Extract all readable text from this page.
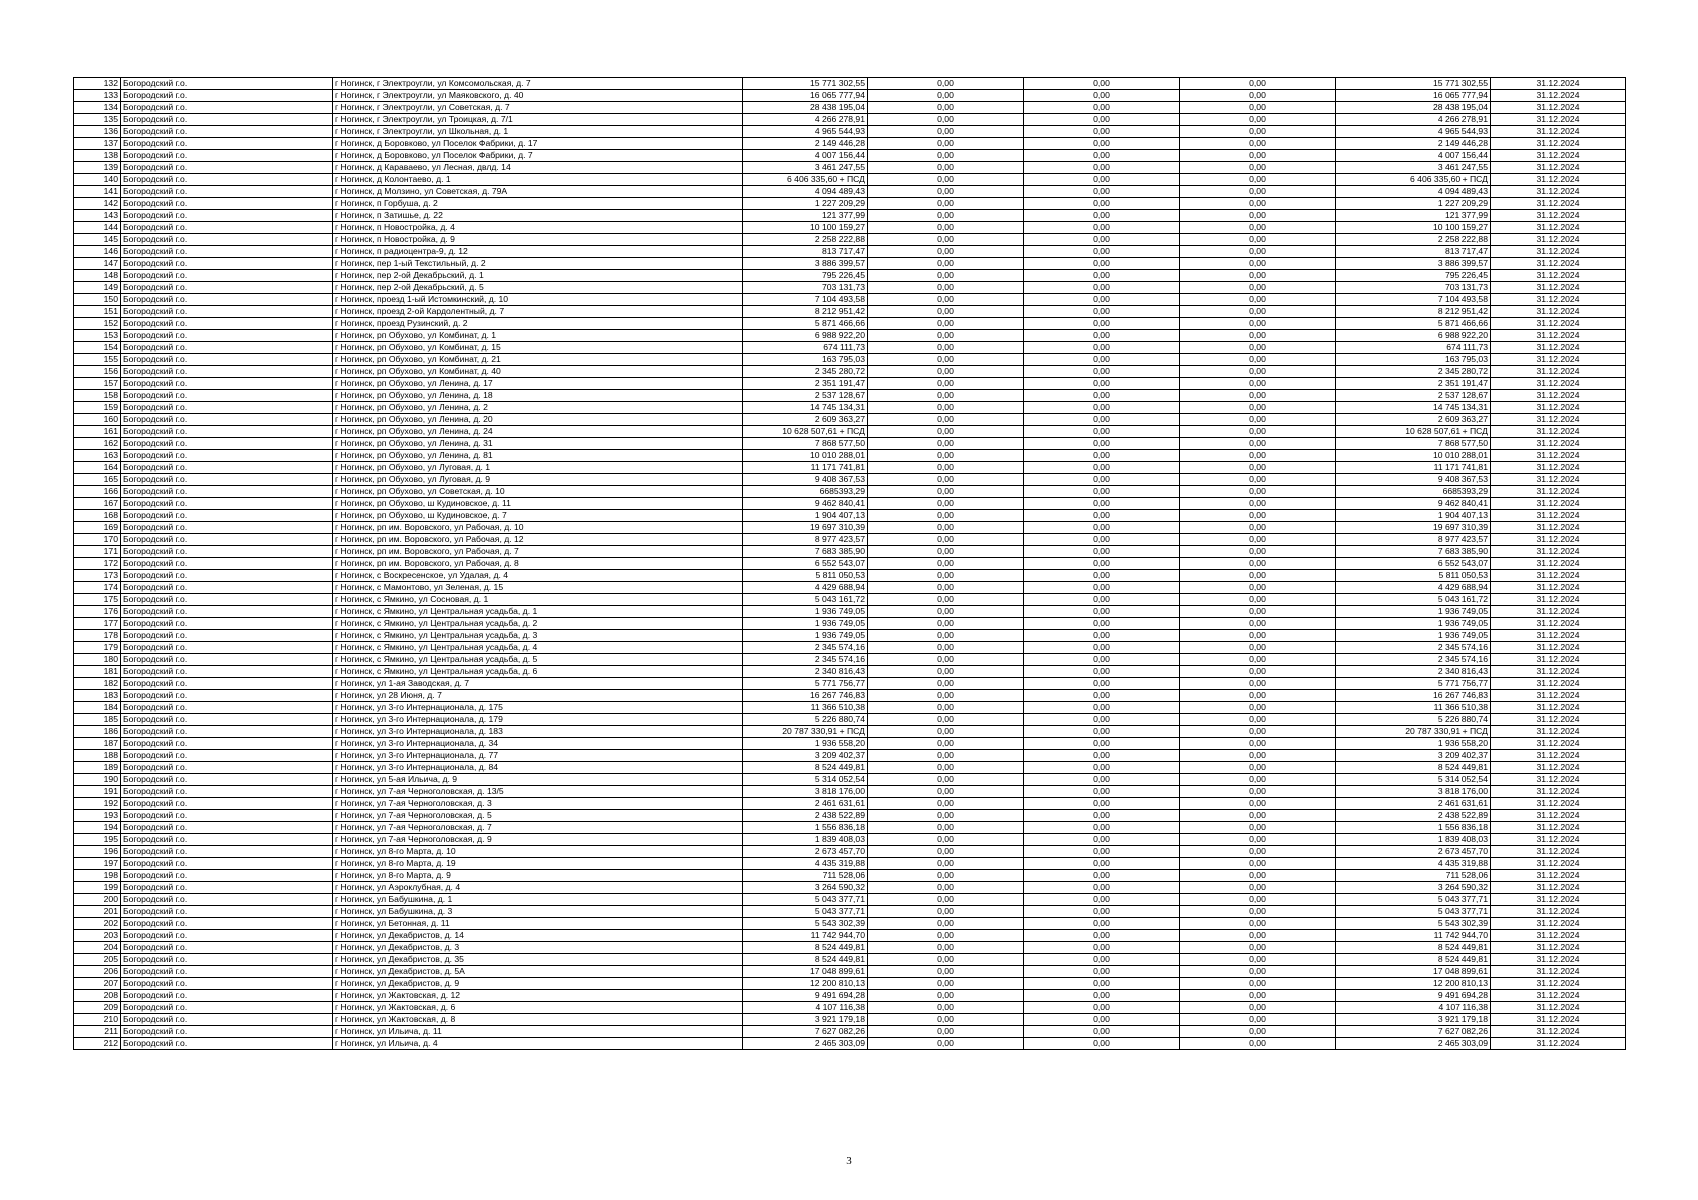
132	Богородский г.о.	г Ногинск, г Электроугли, ул Комсомольская, д. 7	15 771 302,55	0,00	0,00	0,00	15 771 302,55	31.12.2024
133	Богородский г.о.	г Ногинск, г Электроугли, ул Маяковского, д. 40	16 065 777,94	0,00	0,00	0,00	16 065 777,94	31.12.2024
134	Богородский г.о.	г Ногинск, г Электроугли, ул Советская, д. 7	28 438 195,04	0,00	0,00	0,00	28 438 195,04	31.12.2024
135	Богородский г.о.	г Ногинск, г Электроугли, ул Троицкая, д. 7/1	4 266 278,91	0,00	0,00	0,00	4 266 278,91	31.12.2024
136	Богородский г.о.	г Ногинск, г Электроугли, ул Школьная, д. 1	4 965 544,93	0,00	0,00	0,00	4 965 544,93	31.12.2024
137	Богородский г.о.	г Ногинск, д Боровково, ул Поселок Фабрики, д. 17	2 149 446,28	0,00	0,00	0,00	2 149 446,28	31.12.2024
138	Богородский г.о.	г Ногинск, д Боровково, ул Поселок Фабрики, д. 7	4 007 156,44	0,00	0,00	0,00	4 007 156,44	31.12.2024
139	Богородский г.о.	г Ногинск, д Караваево, ул Лесная, двлд. 14	3 461 247,55	0,00	0,00	0,00	3 461 247,55	31.12.2024
140	Богородский г.о.	г Ногинск, д Колонтаево, д. 1	6 406 335,60 + ПСД	0,00	0,00	0,00	6 406 335,60 + ПСД	31.12.2024
141	Богородский г.о.	г Ногинск, д Молзино, ул Советская, д. 79А	4 094 489,43	0,00	0,00	0,00	4 094 489,43	31.12.2024
142	Богородский г.о.	г Ногинск, п Горбуша, д. 2	1 227 209,29	0,00	0,00	0,00	1 227 209,29	31.12.2024
143	Богородский г.о.	г Ногинск, п Затишье, д. 22	121 377,99	0,00	0,00	0,00	121 377,99	31.12.2024
144	Богородский г.о.	г Ногинск, п Новостройка, д. 4	10 100 159,27	0,00	0,00	0,00	10 100 159,27	31.12.2024
145	Богородский г.о.	г Ногинск, п Новостройка, д. 9	2 258 222,88	0,00	0,00	0,00	2 258 222,88	31.12.2024
146	Богородский г.о.	г Ногинск, п радиоцентра-9, д. 12	813 717,47	0,00	0,00	0,00	813 717,47	31.12.2024
147	Богородский г.о.	г Ногинск, пер 1-ый Текстильный, д. 2	3 886 399,57	0,00	0,00	0,00	3 886 399,57	31.12.2024
148	Богородский г.о.	г Ногинск, пер 2-ой Декабрьский, д. 1	795 226,45	0,00	0,00	0,00	795 226,45	31.12.2024
149	Богородский г.о.	г Ногинск, пер 2-ой Декабрьский, д. 5	703 131,73	0,00	0,00	0,00	703 131,73	31.12.2024
150	Богородский г.о.	г Ногинск, проезд 1-ый Истомкинский, д. 10	7 104 493,58	0,00	0,00	0,00	7 104 493,58	31.12.2024
151	Богородский г.о.	г Ногинск, проезд 2-ой Кардолентный, д. 7	8 212 951,42	0,00	0,00	0,00	8 212 951,42	31.12.2024
152	Богородский г.о.	г Ногинск, проезд Рузинский, д. 2	5 871 466,66	0,00	0,00	0,00	5 871 466,66	31.12.2024
153	Богородский г.о.	г Ногинск, рп Обухово, ул Комбинат, д. 1	6 988 922,20	0,00	0,00	0,00	6 988 922,20	31.12.2024
154	Богородский г.о.	г Ногинск, рп Обухово, ул Комбинат, д. 15	674 111,73	0,00	0,00	0,00	674 111,73	31.12.2024
155	Богородский г.о.	г Ногинск, рп Обухово, ул Комбинат, д. 21	163 795,03	0,00	0,00	0,00	163 795,03	31.12.2024
156	Богородский г.о.	г Ногинск, рп Обухово, ул Комбинат, д. 40	2 345 280,72	0,00	0,00	0,00	2 345 280,72	31.12.2024
157	Богородский г.о.	г Ногинск, рп Обухово, ул Ленина, д. 17	2 351 191,47	0,00	0,00	0,00	2 351 191,47	31.12.2024
158	Богородский г.о.	г Ногинск, рп Обухово, ул Ленина, д. 18	2 537 128,67	0,00	0,00	0,00	2 537 128,67	31.12.2024
159	Богородский г.о.	г Ногинск, рп Обухово, ул Ленина, д. 2	14 745 134,31	0,00	0,00	0,00	14 745 134,31	31.12.2024
160	Богородский г.о.	г Ногинск, рп Обухово, ул Ленина, д. 20	2 609 363,27	0,00	0,00	0,00	2 609 363,27	31.12.2024
161	Богородский г.о.	г Ногинск, рп Обухово, ул Ленина, д. 24	10 628 507,61 + ПСД	0,00	0,00	0,00	10 628 507,61 + ПСД	31.12.2024
162	Богородский г.о.	г Ногинск, рп Обухово, ул Ленина, д. 31	7 868 577,50	0,00	0,00	0,00	7 868 577,50	31.12.2024
163	Богородский г.о.	г Ногинск, рп Обухово, ул Ленина, д. 81	10 010 288,01	0,00	0,00	0,00	10 010 288,01	31.12.2024
164	Богородский г.о.	г Ногинск, рп Обухово, ул Луговая, д. 1	11 171 741,81	0,00	0,00	0,00	11 171 741,81	31.12.2024
165	Богородский г.о.	г Ногинск, рп Обухово, ул Луговая, д. 9	9 408 367,53	0,00	0,00	0,00	9 408 367,53	31.12.2024
166	Богородский г.о.	г Ногинск, рп Обухово, ул Советская, д. 10	6685393,29	0,00	0,00	0,00	6685393,29	31.12.2024
167	Богородский г.о.	г Ногинск, рп Обухово, ш Кудиновское, д. 11	9 462 840,41	0,00	0,00	0,00	9 462 840,41	31.12.2024
168	Богородский г.о.	г Ногинск, рп Обухово, ш Кудиновское, д. 7	1 904 407,13	0,00	0,00	0,00	1 904 407,13	31.12.2024
169	Богородский г.о.	г Ногинск, рп им. Воровского, ул Рабочая, д. 10	19 697 310,39	0,00	0,00	0,00	19 697 310,39	31.12.2024
170	Богородский г.о.	г Ногинск, рп им. Воровского, ул Рабочая, д. 12	8 977 423,57	0,00	0,00	0,00	8 977 423,57	31.12.2024
171	Богородский г.о.	г Ногинск, рп им. Воровского, ул Рабочая, д. 7	7 683 385,90	0,00	0,00	0,00	7 683 385,90	31.12.2024
172	Богородский г.о.	г Ногинск, рп им. Воровского, ул Рабочая, д. 8	6 552 543,07	0,00	0,00	0,00	6 552 543,07	31.12.2024
173	Богородский г.о.	г Ногинск, с Воскресенское, ул Удалая, д. 4	5 811 050,53	0,00	0,00	0,00	5 811 050,53	31.12.2024
174	Богородский г.о.	г Ногинск, с Мамонтово, ул Зеленая, д. 15	4 429 688,94	0,00	0,00	0,00	4 429 688,94	31.12.2024
175	Богородский г.о.	г Ногинск, с Ямкино, ул Сосновая, д. 1	5 043 161,72	0,00	0,00	0,00	5 043 161,72	31.12.2024
176	Богородский г.о.	г Ногинск, с Ямкино, ул Центральная усадьба, д. 1	1 936 749,05	0,00	0,00	0,00	1 936 749,05	31.12.2024
177	Богородский г.о.	г Ногинск, с Ямкино, ул Центральная усадьба, д. 2	1 936 749,05	0,00	0,00	0,00	1 936 749,05	31.12.2024
178	Богородский г.о.	г Ногинск, с Ямкино, ул Центральная усадьба, д. 3	1 936 749,05	0,00	0,00	0,00	1 936 749,05	31.12.2024
179	Богородский г.о.	г Ногинск, с Ямкино, ул Центральная усадьба, д. 4	2 345 574,16	0,00	0,00	0,00	2 345 574,16	31.12.2024
180	Богородский г.о.	г Ногинск, с Ямкино, ул Центральная усадьба, д. 5	2 345 574,16	0,00	0,00	0,00	2 345 574,16	31.12.2024
181	Богородский г.о.	г Ногинск, с Ямкино, ул Центральная усадьба, д. 6	2 340 816,43	0,00	0,00	0,00	2 340 816,43	31.12.2024
182	Богородский г.о.	г Ногинск, ул 1-ая Заводская, д. 7	5 771 756,77	0,00	0,00	0,00	5 771 756,77	31.12.2024
183	Богородский г.о.	г Ногинск, ул 28 Июня, д. 7	16 267 746,83	0,00	0,00	0,00	16 267 746,83	31.12.2024
184	Богородский г.о.	г Ногинск, ул 3-го Интернационала, д. 175	11 366 510,38	0,00	0,00	0,00	11 366 510,38	31.12.2024
185	Богородский г.о.	г Ногинск, ул 3-го Интернационала, д. 179	5 226 880,74	0,00	0,00	0,00	5 226 880,74	31.12.2024
186	Богородский г.о.	г Ногинск, ул 3-го Интернационала, д. 183	20 787 330,91 + ПСД	0,00	0,00	0,00	20 787 330,91 + ПСД	31.12.2024
187	Богородский г.о.	г Ногинск, ул 3-го Интернационала, д. 34	1 936 558,20	0,00	0,00	0,00	1 936 558,20	31.12.2024
188	Богородский г.о.	г Ногинск, ул 3-го Интернационала, д. 77	3 209 402,37	0,00	0,00	0,00	3 209 402,37	31.12.2024
189	Богородский г.о.	г Ногинск, ул 3-го Интернационала, д. 84	8 524 449,81	0,00	0,00	0,00	8 524 449,81	31.12.2024
190	Богородский г.о.	г Ногинск, ул 5-ая Ильича, д. 9	5 314 052,54	0,00	0,00	0,00	5 314 052,54	31.12.2024
191	Богородский г.о.	г Ногинск, ул 7-ая Черноголовская, д. 13/5	3 818 176,00	0,00	0,00	0,00	3 818 176,00	31.12.2024
192	Богородский г.о.	г Ногинск, ул 7-ая Черноголовская, д. 3	2 461 631,61	0,00	0,00	0,00	2 461 631,61	31.12.2024
193	Богородский г.о.	г Ногинск, ул 7-ая Черноголовская, д. 5	2 438 522,89	0,00	0,00	0,00	2 438 522,89	31.12.2024
194	Богородский г.о.	г Ногинск, ул 7-ая Черноголовская, д. 7	1 556 836,18	0,00	0,00	0,00	1 556 836,18	31.12.2024
195	Богородский г.о.	г Ногинск, ул 7-ая Черноголовская, д. 9	1 839 408,03	0,00	0,00	0,00	1 839 408,03	31.12.2024
196	Богородский г.о.	г Ногинск, ул 8-го Марта, д. 10	2 673 457,70	0,00	0,00	0,00	2 673 457,70	31.12.2024
197	Богородский г.о.	г Ногинск, ул 8-го Марта, д. 19	4 435 319,88	0,00	0,00	0,00	4 435 319,88	31.12.2024
198	Богородский г.о.	г Ногинск, ул 8-го Марта, д. 9	711 528,06	0,00	0,00	0,00	711 528,06	31.12.2024
199	Богородский г.о.	г Ногинск, ул Аэроклубная, д. 4	3 264 590,32	0,00	0,00	0,00	3 264 590,32	31.12.2024
200	Богородский г.о.	г Ногинск, ул Бабушкина, д. 1	5 043 377,71	0,00	0,00	0,00	5 043 377,71	31.12.2024
201	Богородский г.о.	г Ногинск, ул Бабушкина, д. 3	5 043 377,71	0,00	0,00	0,00	5 043 377,71	31.12.2024
202	Богородский г.о.	г Ногинск, ул Бетонная, д. 11	5 543 302,39	0,00	0,00	0,00	5 543 302,39	31.12.2024
203	Богородский г.о.	г Ногинск, ул Декабристов, д. 14	11 742 944,70	0,00	0,00	0,00	11 742 944,70	31.12.2024
204	Богородский г.о.	г Ногинск, ул Декабристов, д. 3	8 524 449,81	0,00	0,00	0,00	8 524 449,81	31.12.2024
205	Богородский г.о.	г Ногинск, ул Декабристов, д. 35	8 524 449,81	0,00	0,00	0,00	8 524 449,81	31.12.2024
206	Богородский г.о.	г Ногинск, ул Декабристов, д. 5А	17 048 899,61	0,00	0,00	0,00	17 048 899,61	31.12.2024
207	Богородский г.о.	г Ногинск, ул Декабристов, д. 9	12 200 810,13	0,00	0,00	0,00	12 200 810,13	31.12.2024
208	Богородский г.о.	г Ногинск, ул Жактовская, д. 12	9 491 694,28	0,00	0,00	0,00	9 491 694,28	31.12.2024
209	Богородский г.о.	г Ногинск, ул Жактовская, д. 6	4 107 116,38	0,00	0,00	0,00	4 107 116,38	31.12.2024
210	Богородский г.о.	г Ногинск, ул Жактовская, д. 8	3 921 179,18	0,00	0,00	0,00	3 921 179,18	31.12.2024
211	Богородский г.о.	г Ногинск, ул Ильича, д. 11	7 627 082,26	0,00	0,00	0,00	7 627 082,26	31.12.2024
212	Богородский г.о.	г Ногинск, ул Ильича, д. 4	2 465 303,09	0,00	0,00	0,00	2 465 303,09	31.12.2024
3
